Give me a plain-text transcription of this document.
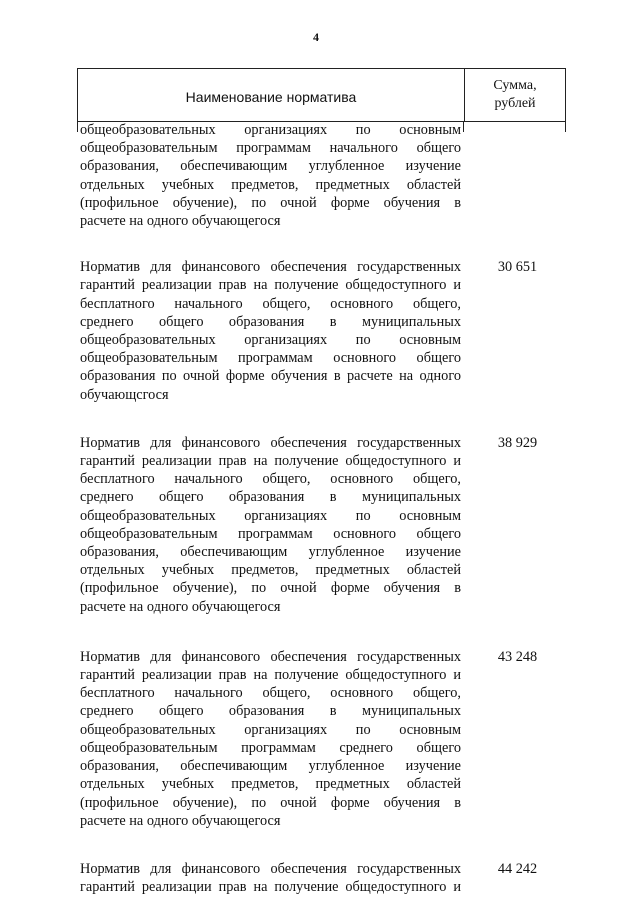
4
Наименование норматива
Сумма,
рублей
общеобразовательных организациях по основным
общеобразовательным программам начального общего
образования, обеспечивающим углубленное изучение
отдельных учебных предметов, предметных областей
(профильное обучение), по очной форме обучения в
расчете на одного обучающегося
Норматив для финансового обеспечения государственных
гарантий реализации прав на получение общедоступного и
бесплатного начального общего, основного общего,
среднего общего образования в муниципальных
общеобразовательных организациях по основным
общеобразовательным программам основного общего
образования по очной форме обучения в расчете на одного
обучающсгося
30 651
Норматив для финансового обеспечения государственных
гарантий реализации прав на получение общедоступного и
бесплатного начального общего, основного общего,
среднего общего образования в муниципальных
общеобразовательных организациях по основным
общеобразовательным программам основного общего
образования, обеспечивающим углубленное изучение
отдельных учебных предметов, предметных областей
(профильное обучение), по очной форме обучения в
расчете на одного обучающегося
38 929
Норматив для финансового обеспечения государственных
гарантий реализации прав на получение общедоступного и
бесплатного начального общего, основного общего,
среднего общего образования в муниципальных
общеобразовательных организациях по основным
общеобразовательным программам среднего общего
образования, обеспечивающим углубленное изучение
отдельных учебных предметов, предметных областей
(профильное обучение), по очной форме обучения в
расчете на одного обучающегося
43 248
Норматив для финансового обеспечения государственных
гарантий реализации прав на получение общедоступного и
44 242
